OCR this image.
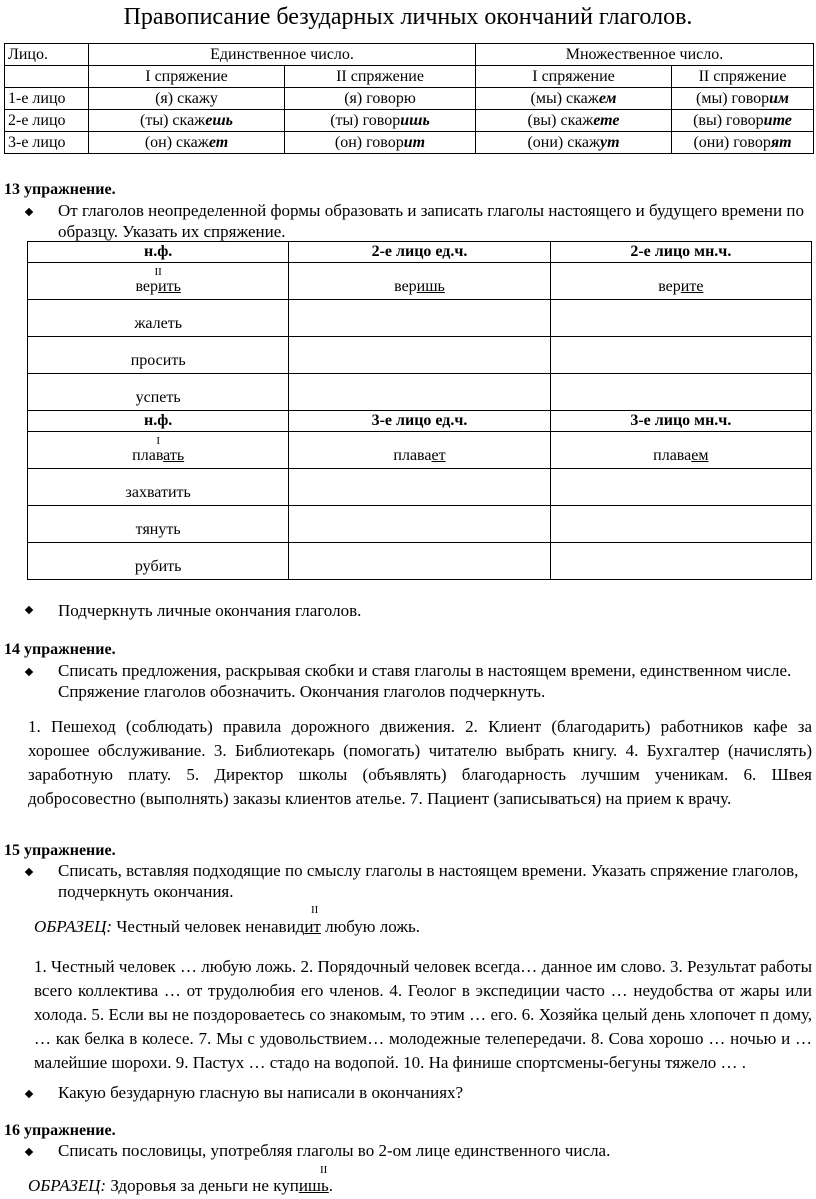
Правописание безударных личных окончаний глаголов.
Лицо.	Единственное число.		Множественное число.	
	I спряжение	II спряжение	I спряжение	II спряжение
1-е лицо	(я) скажу	(я) говорю	(мы) скажем	(мы) говорим
2-е лицо	(ты) скажешь	(ты) говоришь	(вы) скажете	(вы) говорите
3-е лицо	(он) скажет	(он) говорит	(они) скажут	(они) говорят
13 упражнение.
От глаголов неопределенной формы образовать и записать глаголы настоящего и будущего времени по образцу. Указать их спряжение.
н.ф.	2-е лицо ед.ч.	2-е лицо мн.ч.

II
верить	веришь	верите
жалеть		
просить		
успеть		
н.ф.	3-е лицо ед.ч.	3-е лицо мн.ч.

I
плавать	плавает	плаваем
захватить		
тянуть		
рубить		
Подчеркнуть личные окончания глаголов.
14 упражнение.
Списать предложения, раскрывая скобки и ставя глаголы в настоящем времени, единственном числе. Спряжение глаголов обозначить. Окончания глаголов подчеркнуть.
1. Пешеход (соблюдать) правила дорожного движения. 2. Клиент (благодарить) работников кафе за хорошее обслуживание. 3. Библиотекарь (помогать) читателю выбрать книгу. 4. Бухгалтер (начислять) заработную плату. 5. Директор школы (объявлять) благодарность лучшим ученикам. 6. Швея добросовестно (выполнять) заказы клиентов ателье. 7. Пациент (записываться) на прием к врачу.
15 упражнение.
Списать, вставляя подходящие по смыслу глаголы в настоящем времени. Указать спряжение глаголов, подчеркнуть окончания.
II
ОБРАЗЕЦ: Честный человек ненавидит любую ложь.
1. Честный человек … любую ложь. 2. Порядочный человек всегда… данное им слово. 3. Результат работы всего коллектива … от трудолюбия его членов. 4. Геолог в экспедиции часто … неудобства от жары или холода. 5. Если вы не поздороваетесь со знакомым, то этим … его. 6. Хозяйка целый день хлопочет п дому, … как белка в колесе. 7. Мы с удовольствием… молодежные телепередачи. 8. Сова хорошо … ночью и … малейшие шорохи. 9. Пастух … стадо на водопой. 10. На финише спортсмены-бегуны тяжело … .
Какую безударную гласную вы написали в окончаниях?
16 упражнение.
Списать пословицы, употребляя глаголы во 2-ом лице единственного числа.
II
ОБРАЗЕЦ: Здоровья за деньги не купишь.
